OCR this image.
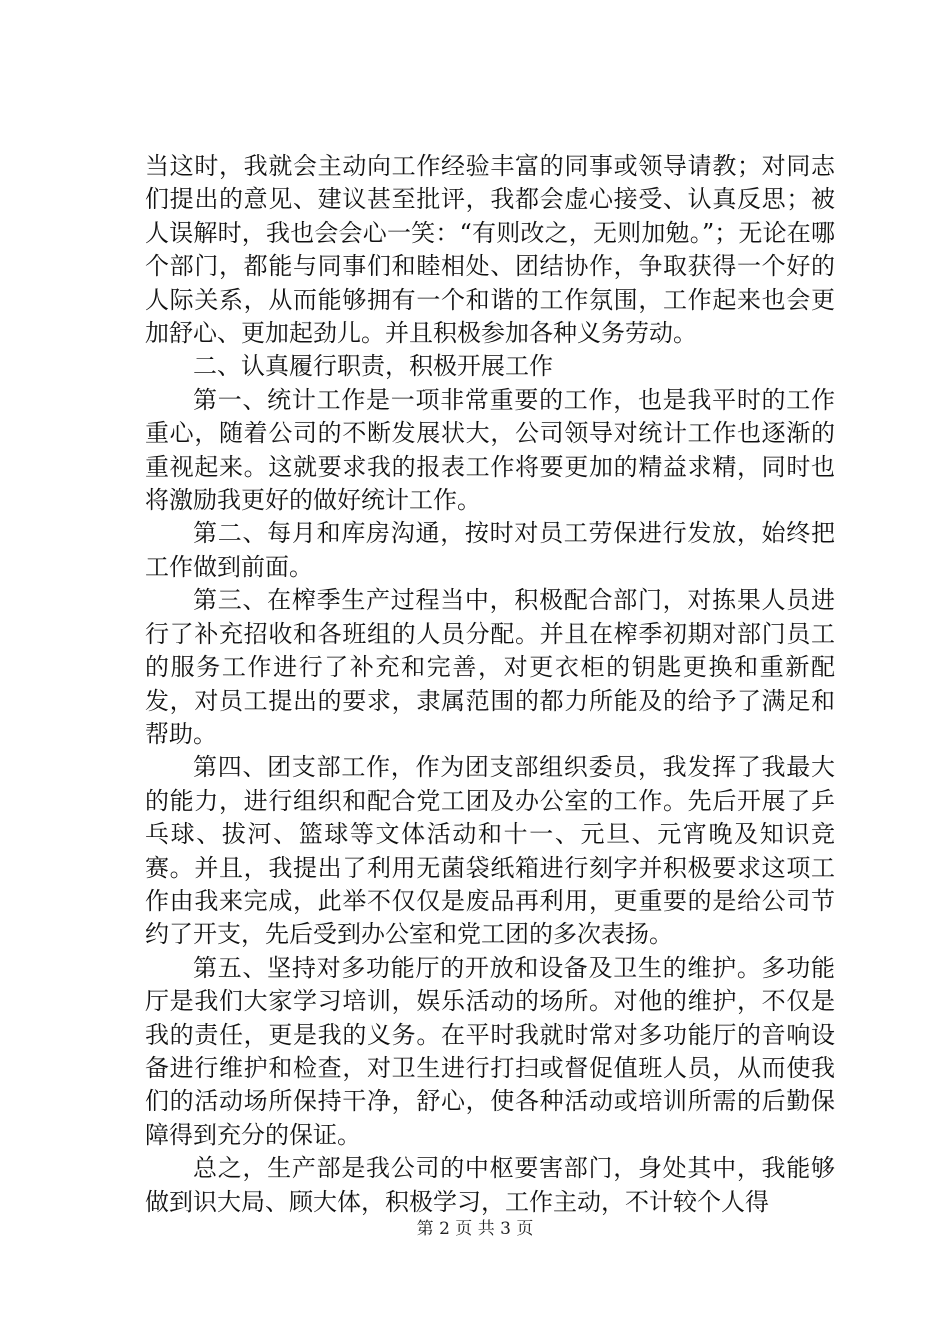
当这时，我就会主动向工作经验丰富的同事或领导请教；对同志们提出的意见、建议甚至批评，我都会虚心接受、认真反思；被人误解时，我也会会心一笑：“有则改之，无则加勉。”；无论在哪个部门，都能与同事们和睦相处、团结协作，争取获得一个好的人际关系，从而能够拥有一个和谐的工作氛围，工作起来也会更加舒心、更加起劲儿。并且积极参加各种义务劳动。

二、认真履行职责，积极开展工作

第一、统计工作是一项非常重要的工作，也是我平时的工作重心，随着公司的不断发展状大，公司领导对统计工作也逐渐的重视起来。这就要求我的报表工作将要更加的精益求精，同时也将激励我更好的做好统计工作。

第二、每月和库房沟通，按时对员工劳保进行发放，始终把工作做到前面。

第三、在榨季生产过程当中，积极配合部门，对拣果人员进行了补充招收和各班组的人员分配。并且在榨季初期对部门员工的服务工作进行了补充和完善，对更衣柜的钥匙更换和重新配发，对员工提出的要求，隶属范围的都力所能及的给予了满足和帮助。

第四、团支部工作，作为团支部组织委员，我发挥了我最大的能力，进行组织和配合党工团及办公室的工作。先后开展了乒乓球、拔河、篮球等文体活动和十一、元旦、元宵晚及知识竞赛。并且，我提出了利用无菌袋纸箱进行刻字并积极要求这项工作由我来完成，此举不仅仅是废品再利用，更重要的是给公司节约了开支，先后受到办公室和党工团的多次表扬。

第五、坚持对多功能厅的开放和设备及卫生的维护。多功能厅是我们大家学习培训，娱乐活动的场所。对他的维护，不仅是我的责任，更是我的义务。在平时我就时常对多功能厅的音响设备进行维护和检查，对卫生进行打扫或督促值班人员，从而使我们的活动场所保持干净，舒心，使各种活动或培训所需的后勤保障得到充分的保证。

总之，生产部是我公司的中枢要害部门，身处其中，我能够做到识大局、顾大体，积极学习，工作主动，不计较个人得

第 2 页 共 3 页
